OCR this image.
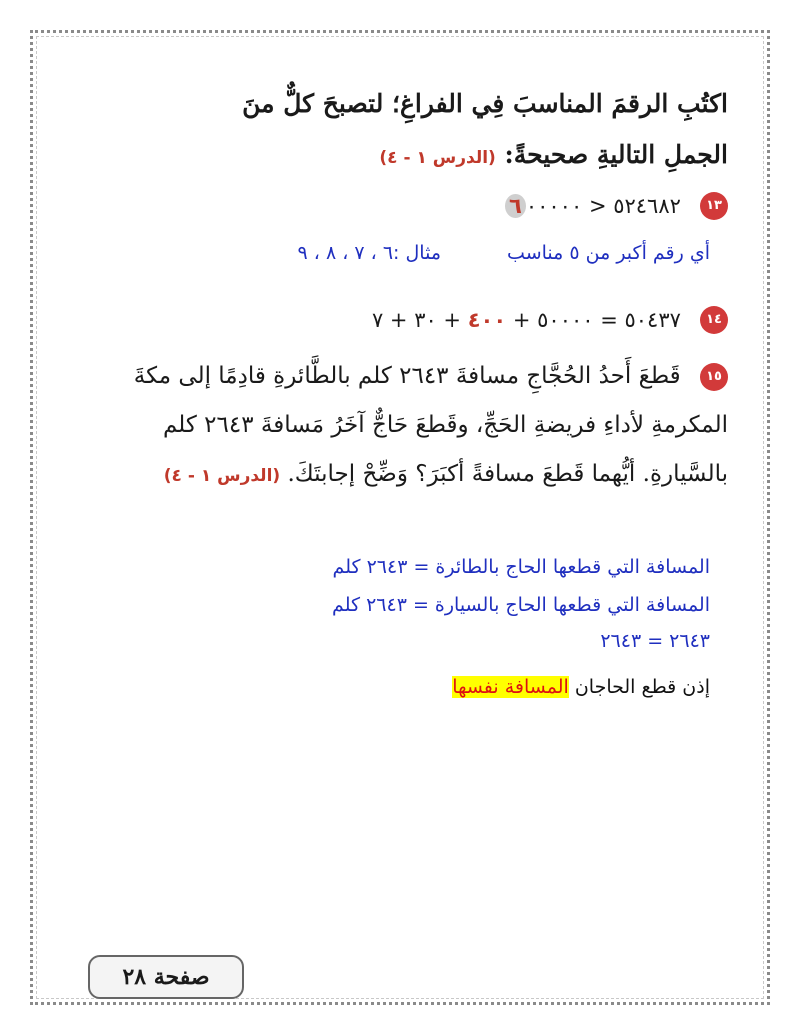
اكتُبِ الرقمَ المناسبَ فِي الفراغِ؛ لتصبحَ كلٌّ منَ
الجملِ التاليةِ صحيحةً: (الدرس ١ - ٤)
١٣ ٥٢٤٦٨٢ < ٠٠٠٠٠٦
أي رقم أكبر من ٥ مناسب مثال :٦ ، ٧ ، ٨ ، ٩
١٤ ٥٠٤٣٧ = ٥٠٠٠٠ + ٤٠٠ + ٣٠ + ٧
١٥ قَطعَ أَحدُ الحُجَّاجِ مسافةَ ٢٦٤٣ كلم بالطَّائرةِ قادِمًا إلى مكةَ المكرمةِ لأداءِ فريضةِ الحَجِّ، وقَطعَ حَاجٌّ آخَرُ مَسافةَ ٢٦٤٣ كلم بالسَّيارةِ. أيُّهما قَطعَ مسافةً أكبَرَ؟ وَضِّحْ إجابتَكَ. (الدرس ١ - ٤)
المسافة التي قطعها الحاج بالطائرة = ٢٦٤٣ كلم
المسافة التي قطعها الحاج بالسيارة = ٢٦٤٣ كلم
٢٦٤٣ = ٢٦٤٣
إذن قطع الحاجان المسافة نفسها
صفحة ٢٨
